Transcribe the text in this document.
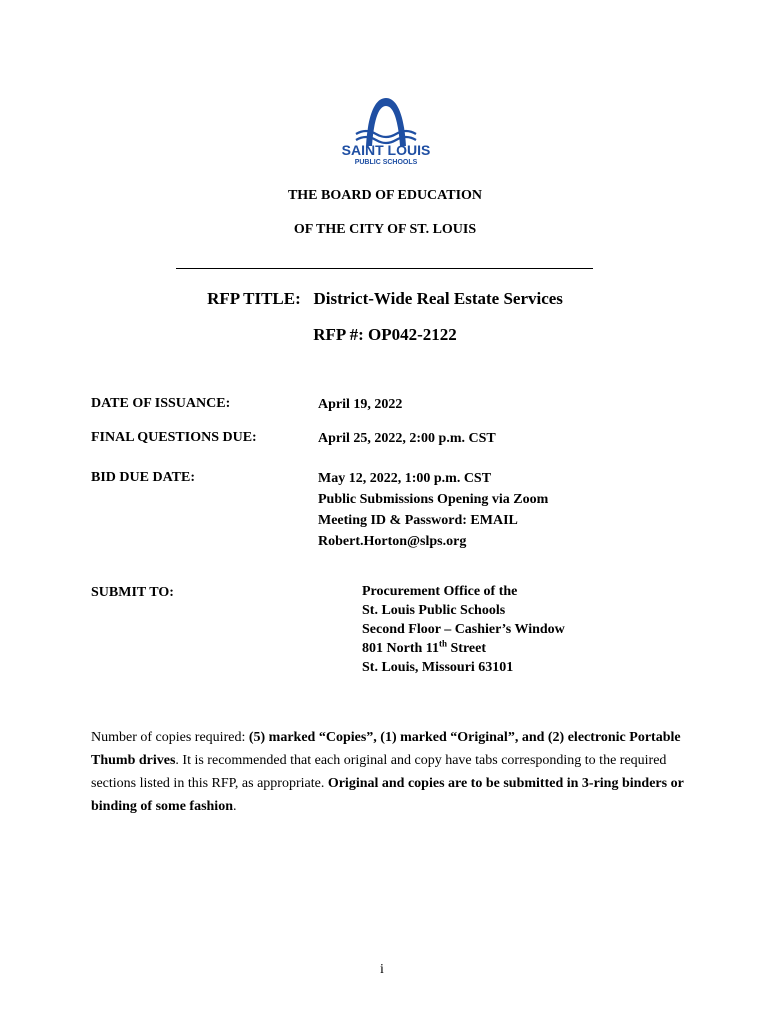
SAINT LOUIS
PUBLIC SCHOOLS
THE BOARD OF EDUCATION
OF THE CITY OF ST. LOUIS
RFP TITLE: District-Wide Real Estate Services
RFP #: OP042-2122
DATE OF ISSUANCE:	April 19, 2022
FINAL QUESTIONS DUE:	April 25, 2022, 2:00 p.m. CST
BID DUE DATE:	May 12, 2022, 1:00 p.m. CST
Public Submissions Opening via Zoom
Meeting ID & Password: EMAIL
Robert.Horton@slps.org
SUBMIT TO:	Procurement Office of the
St. Louis Public Schools
Second Floor – Cashier’s Window
801 North 11th Street
St. Louis, Missouri 63101
Number of copies required: (5) marked “Copies”, (1) marked “Original”, and (2) electronic Portable Thumb drives. It is recommended that each original and copy have tabs corresponding to the required sections listed in this RFP, as appropriate. Original and copies are to be submitted in 3-ring binders or binding of some fashion.
i
